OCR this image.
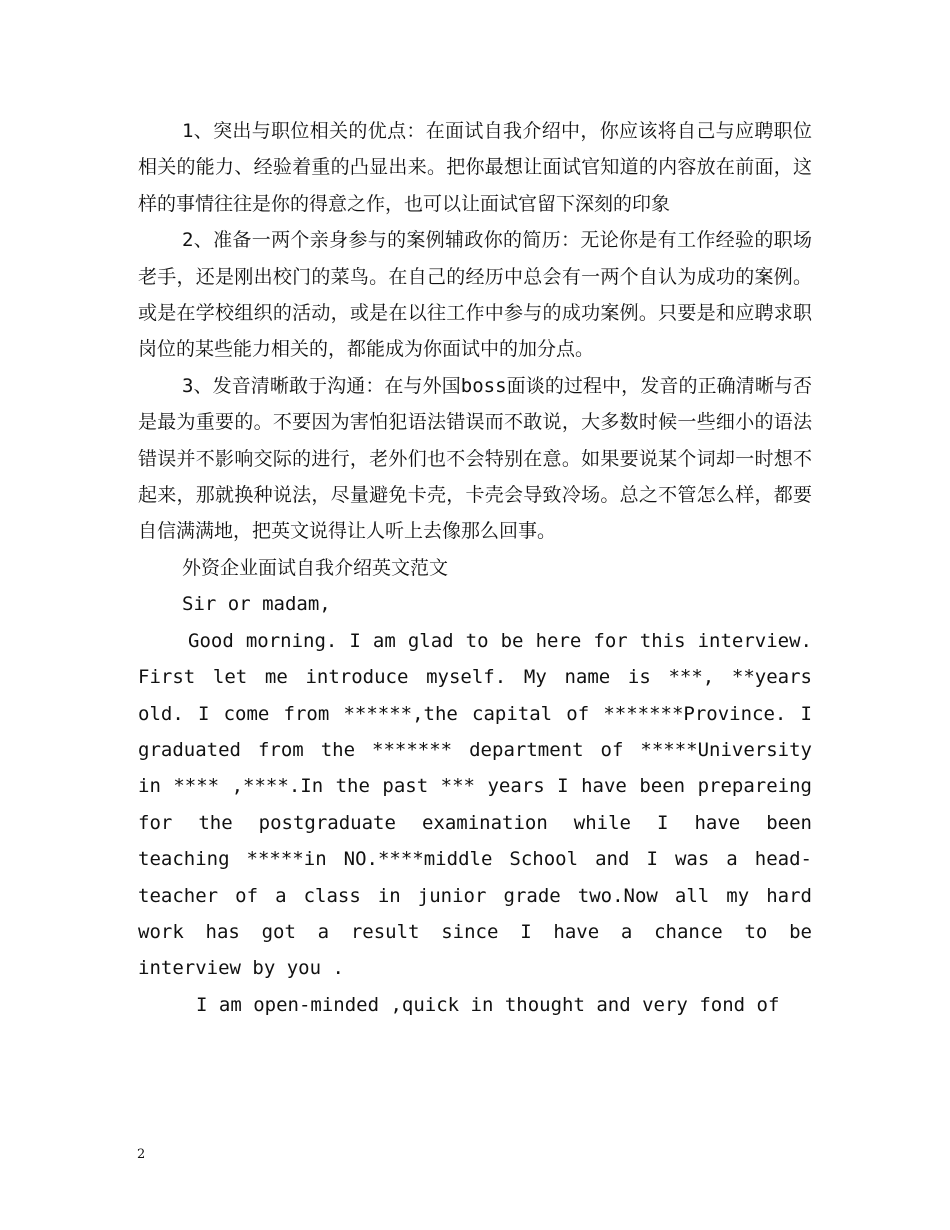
1、突出与职位相关的优点：在面试自我介绍中，你应该将自己与应聘职位相关的能力、经验着重的凸显出来。把你最想让面试官知道的内容放在前面，这样的事情往往是你的得意之作，也可以让面试官留下深刻的印象

2、准备一两个亲身参与的案例辅政你的简历：无论你是有工作经验的职场老手，还是刚出校门的菜鸟。在自己的经历中总会有一两个自认为成功的案例。或是在学校组织的活动，或是在以往工作中参与的成功案例。只要是和应聘求职岗位的某些能力相关的，都能成为你面试中的加分点。

3、发音清晰敢于沟通：在与外国boss面谈的过程中，发音的正确清晰与否是最为重要的。不要因为害怕犯语法错误而不敢说，大多数时候一些细小的语法错误并不影响交际的进行，老外们也不会特别在意。如果要说某个词却一时想不起来，那就换种说法，尽量避免卡壳，卡壳会导致冷场。总之不管怎么样，都要自信满满地，把英文说得让人听上去像那么回事。

外资企业面试自我介绍英文范文

Sir or madam,

Good morning. I am glad to be here for this interview. First let me introduce myself. My name is ***, **years old. I come from ******,the capital of *******Province. I graduated from the ******* department of *****University in **** ,****.In the past *** years I have been prepareing for the postgraduate examination while I have been teaching *****in NO.****middle School and I was a head-teacher of a class in junior grade two.Now all my hard work has got a result since I have a chance to be interview by you .

I am open-minded ,quick in thought and very fond of

2
